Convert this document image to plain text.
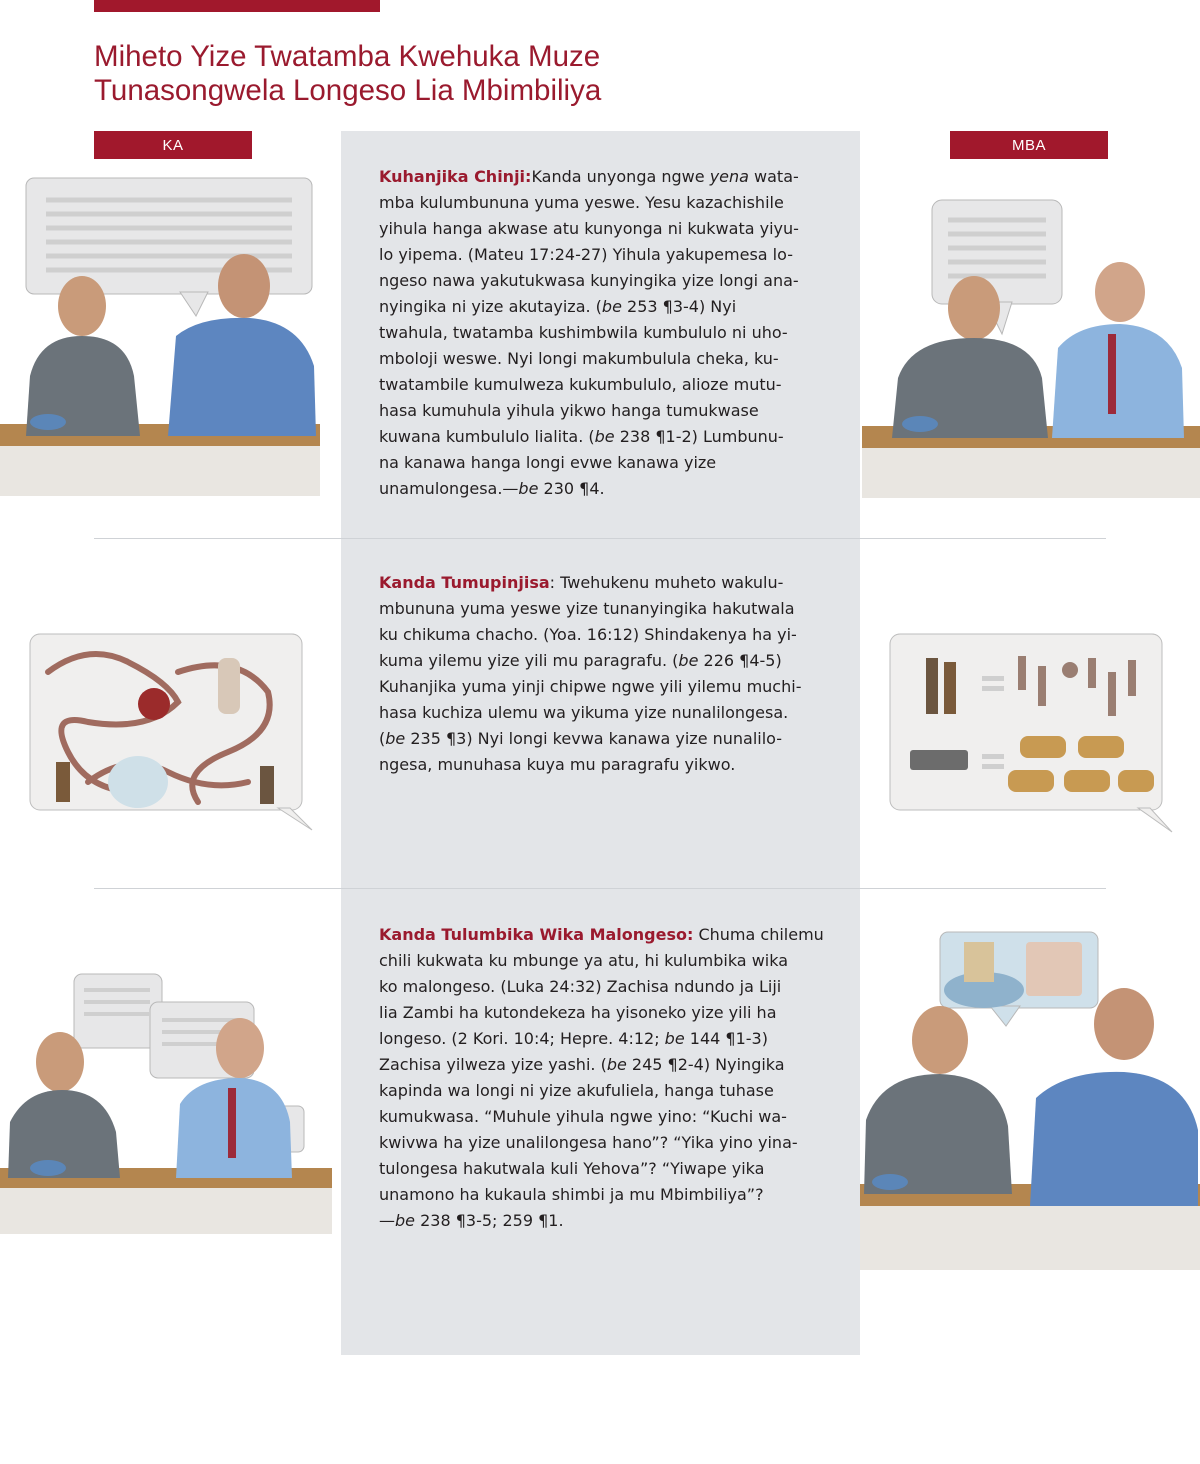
Miheto Yize Twatamba Kwehuka Muze
Tunasongwela Longeso Lia Mbimbiliya
KA	MBA

Kuhanjika Chinji:Kanda unyonga ngwe yena wata-
mba kulumbununa yuma yeswe. Yesu kazachishile
yihula hanga akwase atu kunyonga ni kukwata yiyu-
lo yipema. (Mateu 17:24-27) Yihula yakupemesa lo-
ngeso nawa yakutukwasa kunyingika yize longi ana-
nyingika ni yize akutayiza. (be 253 ¶3-4) Nyi
twahula, twatamba kushimbwila kumbululo ni uho-
mboloji weswe. Nyi longi makumbulula cheka, ku-
twatambile kumulweza kukumbululo, alioze mutu-
hasa kumuhula yihula yikwo hanga tumukwase
kuwana kumbululo lialita. (be 238 ¶1-2) Lumbunu-
na kanawa hanga longi evwe kanawa yize
unamulongesa.—be 230 ¶4.

Kanda Tumupinjisa: Twehukenu muheto wakulu-
mbununa yuma yeswe yize tunanyingika hakutwala
ku chikuma chacho. (Yoa. 16:12) Shindakenya ha yi-
kuma yilemu yize yili mu paragrafu. (be 226 ¶4-5)
Kuhanjika yuma yinji chipwe ngwe yili yilemu muchi-
hasa kuchiza ulemu wa yikuma yize nunalilongesa.
(be 235 ¶3) Nyi longi kevwa kanawa yize nunalilo-
ngesa, munuhasa kuya mu paragrafu yikwo.

Kanda Tulumbika Wika Malongeso: Chuma chilemu
chili kukwata ku mbunge ya atu, hi kulumbika wika
ko malongeso. (Luka 24:32) Zachisa ndundo ja Liji
lia Zambi ha kutondekeza ha yisoneko yize yili ha
longeso. (2 Kori. 10:4; Hepre. 4:12; be 144 ¶1-3)
Zachisa yilweza yize yashi. (be 245 ¶2-4) Nyingika
kapinda wa longi ni yize akufuliela, hanga tuhase
kumukwasa. “Muhule yihula ngwe yino: “Kuchi wa-
kwivwa ha yize unalilongesa hano”? “Yika yino yina-
tulongesa hakutwala kuli Yehova”? “Yiwape yika
unamono ha kukaula shimbi ja mu Mbimbiliya”?
—be 238 ¶3-5; 259 ¶1.
